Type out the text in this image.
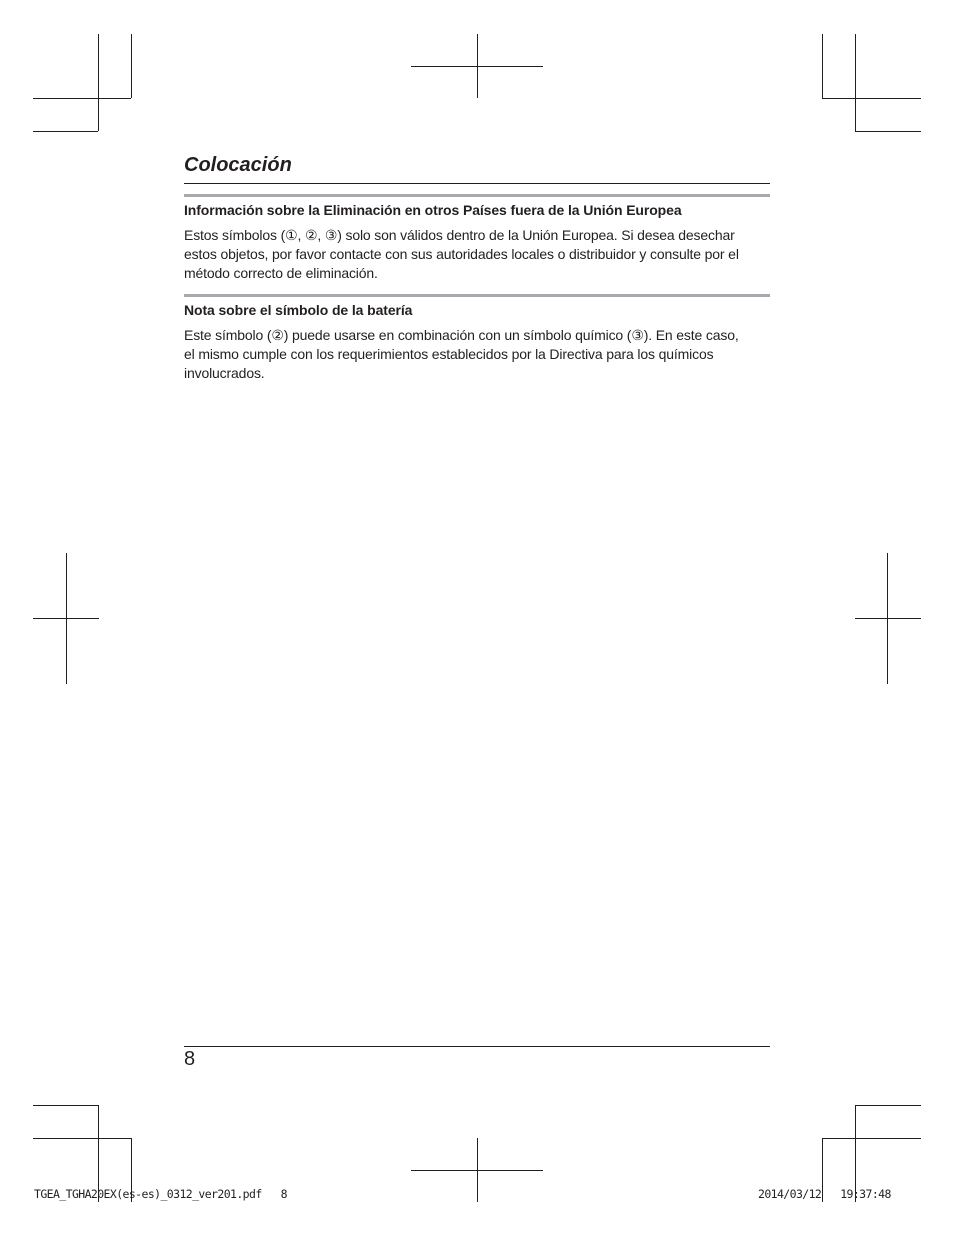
Colocación
Información sobre la Eliminación en otros Países fuera de la Unión Europea
Estos símbolos (①, ②, ③) solo son válidos dentro de la Unión Europea. Si desea desechar
estos objetos, por favor contacte con sus autoridades locales o distribuidor y consulte por el
método correcto de eliminación.
Nota sobre el símbolo de la batería
Este símbolo (②) puede usarse en combinación con un símbolo químico (③). En este caso,
el mismo cumple con los requerimientos establecidos por la Directiva para los químicos
involucrados.
8
TGEA_TGHA20EX(es-es)_0312_ver201.pdf   8	2014/03/12   19:37:48
